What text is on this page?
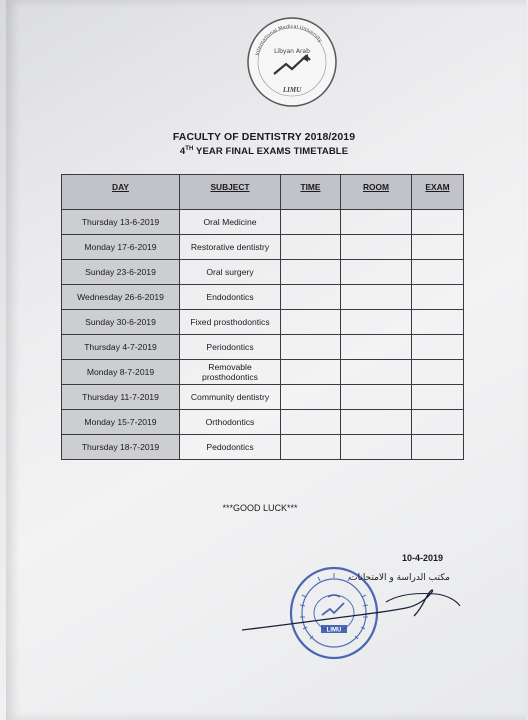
International Medical University
Libyan Arab
LIMU
FACULTY OF DENTISTRY 2018/2019
4TH YEAR FINAL EXAMS TIMETABLE
DAY	SUBJECT	TIME	ROOM	EXAM
Thursday 13-6-2019	Oral Medicine			
Monday 17-6-2019	Restorative dentistry			
Sunday 23-6-2019	Oral surgery			
Wednesday 26-6-2019	Endodontics			
Sunday 30-6-2019	Fixed prosthodontics			
Thursday 4-7-2019	Periodontics			
Monday 8-7-2019	Removable prosthodontics			
Thursday 11-7-2019	Community dentistry			
Monday 15-7-2019	Orthodontics			
Thursday 18-7-2019	Pedodontics			
***GOOD LUCK***
10-4-2019
LIMU
مكتب الدراسة و الامتحانات
